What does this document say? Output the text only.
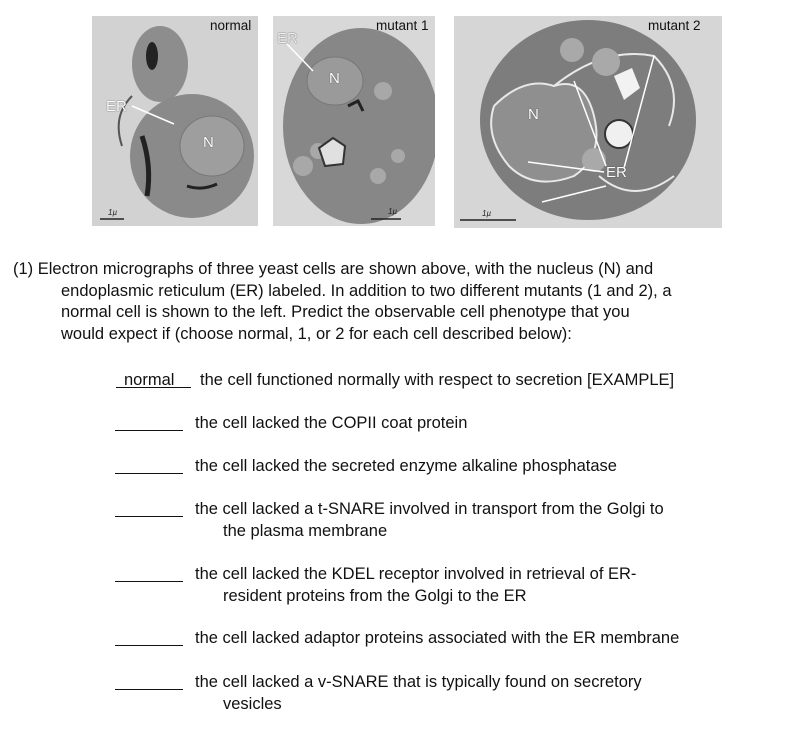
normal
ER
N
1µ
ER
mutant 1
N
1µ
mutant 2
N
ER
1µ
(1) Electron micrographs of three yeast cells are shown above, with the nucleus (N) and
endoplasmic reticulum (ER) labeled. In addition to two different mutants (1 and 2), a
normal cell is shown to the left. Predict the observable cell phenotype that you
would expect if (choose normal, 1, or 2 for each cell described below):
normal the cell functioned normally with respect to secretion [EXAMPLE]
the cell lacked the COPII coat protein
the cell lacked the secreted enzyme alkaline phosphatase
the cell lacked a t-SNARE involved in transport from the Golgi to
the plasma membrane
the cell lacked the KDEL receptor involved in retrieval of ER-
resident proteins from the Golgi to the ER
the cell lacked adaptor proteins associated with the ER membrane
the cell lacked a v-SNARE that is typically found on secretory
vesicles
